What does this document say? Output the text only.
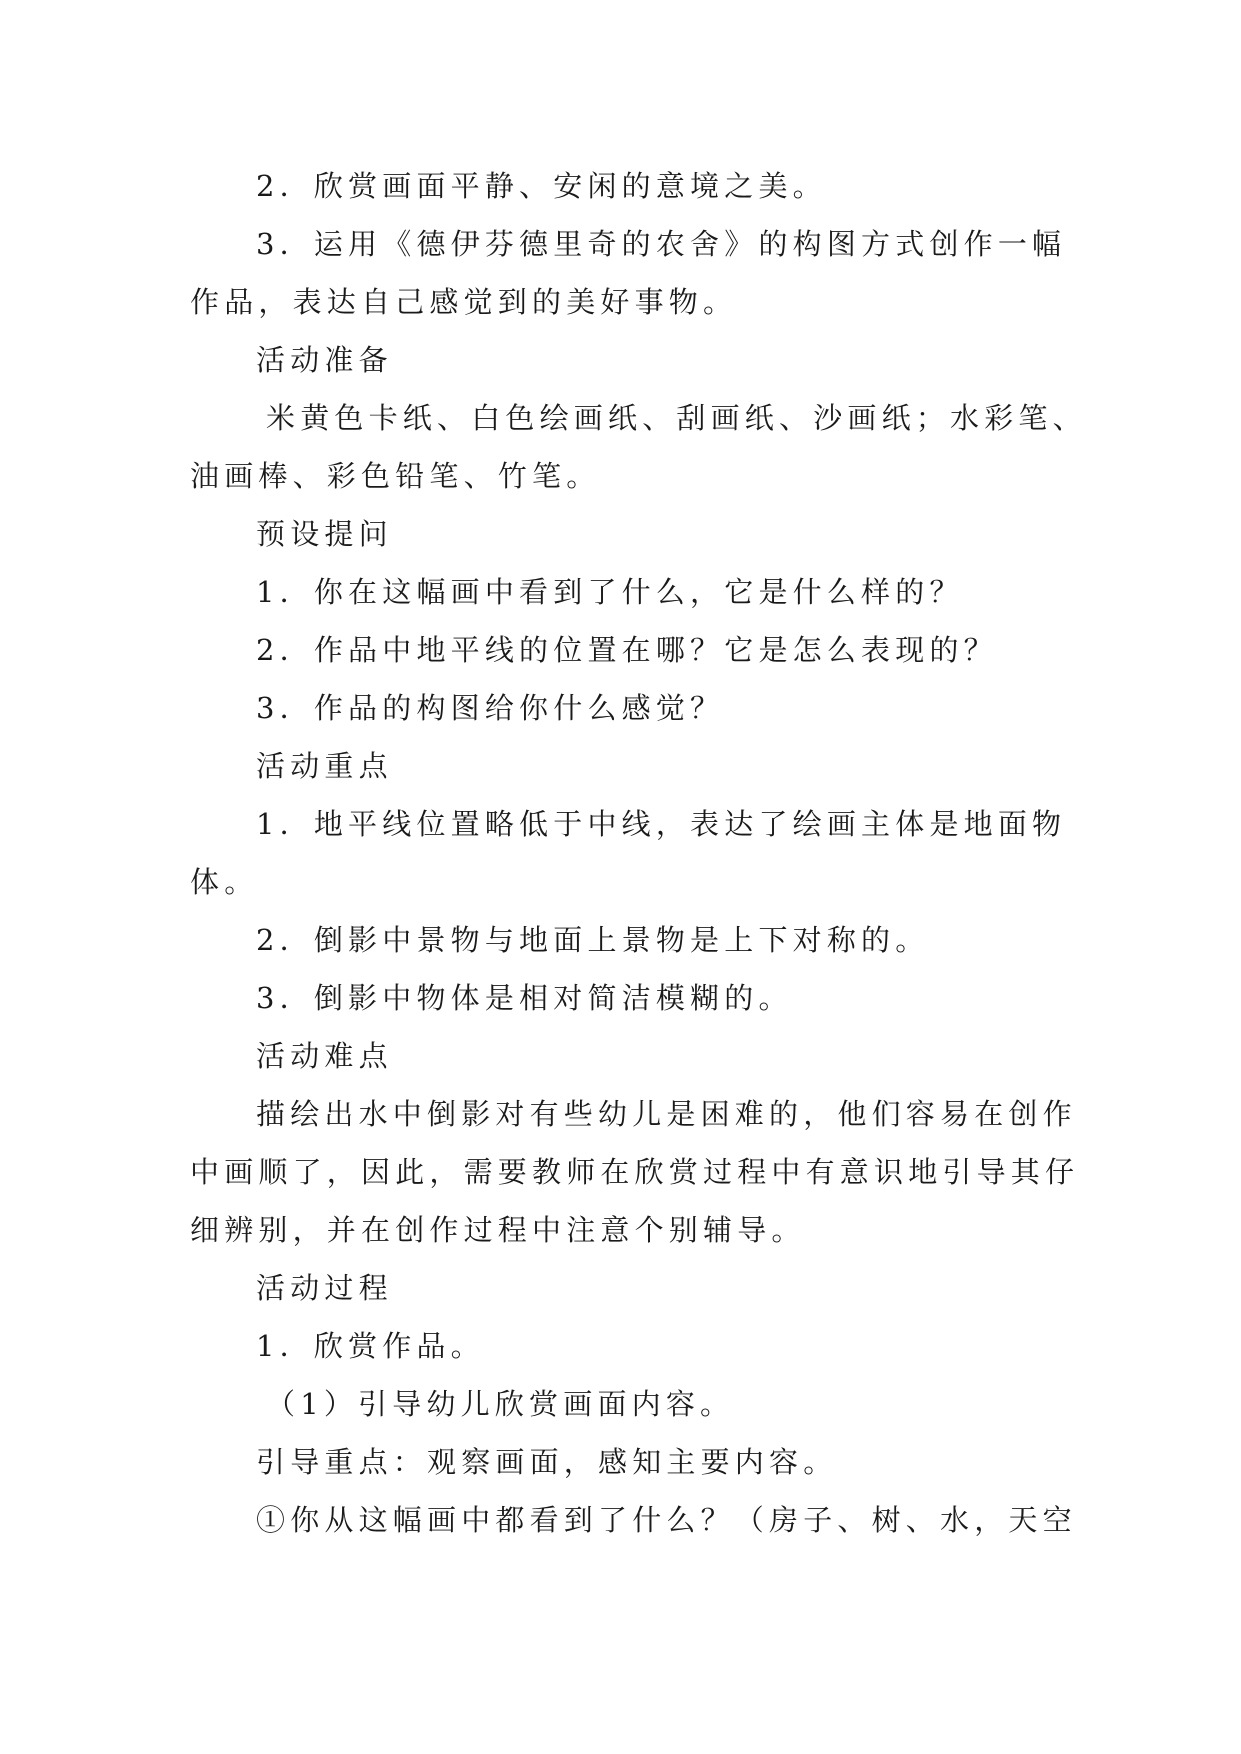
2．欣赏画面平静、安闲的意境之美。
3．运用《德伊芬德里奇的农舍》的构图方式创作一幅
作品，表达自己感觉到的美好事物。
活动准备
米黄色卡纸、白色绘画纸、刮画纸、沙画纸；水彩笔、
油画棒、彩色铅笔、竹笔。
预设提问
1．你在这幅画中看到了什么，它是什么样的？
2．作品中地平线的位置在哪？它是怎么表现的？
3．作品的构图给你什么感觉？
活动重点
1．地平线位置略低于中线，表达了绘画主体是地面物
体。
2．倒影中景物与地面上景物是上下对称的。
3．倒影中物体是相对简洁模糊的。
活动难点
描绘出水中倒影对有些幼儿是困难的，他们容易在创作
中画顺了，因此，需要教师在欣赏过程中有意识地引导其仔
细辨别，并在创作过程中注意个别辅导。
活动过程
1．欣赏作品。
（1）引导幼儿欣赏画面内容。
引导重点：观察画面，感知主要内容。
①你从这幅画中都看到了什么？（房子、树、水，天空
